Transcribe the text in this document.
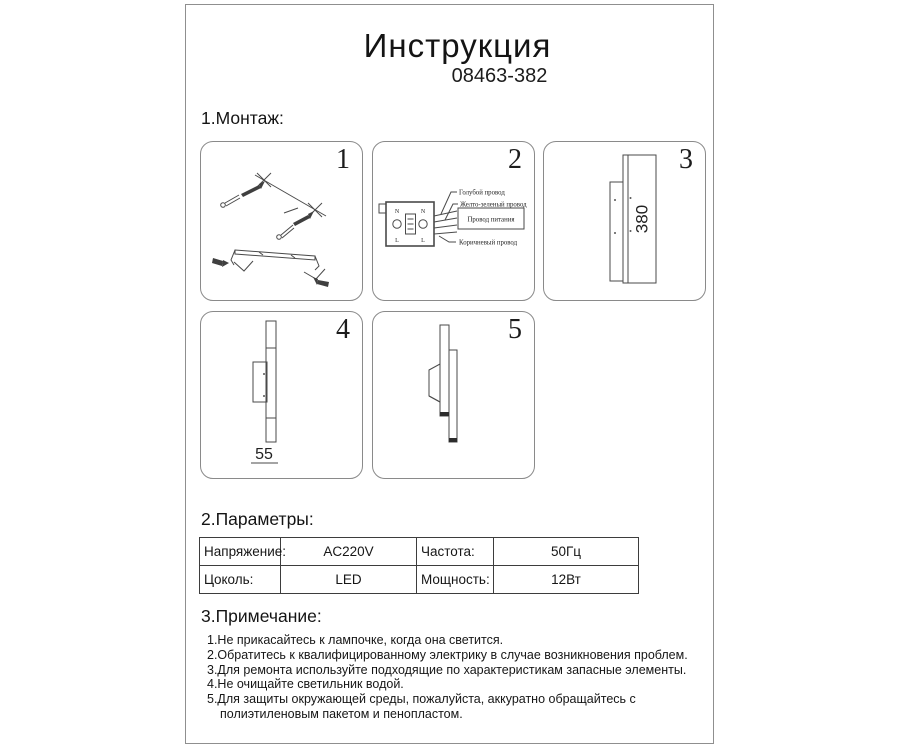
Инструкция
08463-382
1.Монтаж:
1
N
L
N
L
Голубой провод
Желто-зеленый провод
Провод питания
Коричневый провод
2
380
3
55
4	5
2.Параметры:
Напряжение:	AC220V	Частота:	50Гц
Цоколь:	LED	Мощность:	12Вт
3.Примечание:
1.Не прикасайтесь к лампочке, когда она светится.
2.Обратитесь к квалифицированному электрику в случае возникновения проблем.
3.Для ремонта используйте подходящие по характеристикам запасные элементы.
4.Не очищайте светильник водой.
5.Для защиты окружающей среды, пожалуйста, аккуратно обращайтесь с полиэтиленовым пакетом и пенопластом.
